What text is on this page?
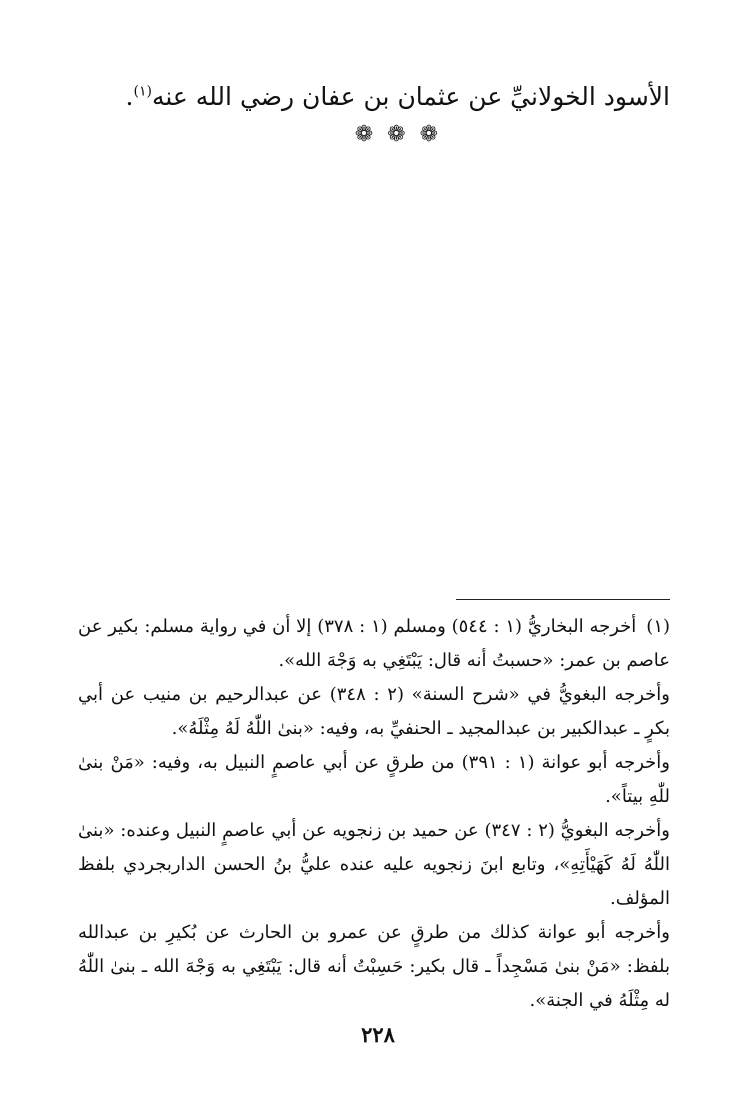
الأسود الخولانيِّ عن عثمان بن عفان رضي الله عنه$^{(١)}$.

❁ ❁ ❁

(١)أخرجه البخاريُّ (١ : ٥٤٤) ومسلم (١ : ٣٧٨) إلا أن في رواية مسلم: بكير عن عاصم بن عمر: «حسبتُ أنه قال: يَبْتَغِي به وَجْهَ الله».

وأخرجه البغويُّ في «شرح السنة» (٢ : ٣٤٨) عن عبدالرحيم بن منيب عن أبي بكرٍ ـ عبدالكبير بن عبدالمجيد ـ الحنفيِّ به، وفيه: «بنىٰ اللّٰهُ لَهُ مِثْلَهُ».

وأخرجه أبو عوانة (١ : ٣٩١) من طرقٍ عن أبي عاصمٍ النبيل به، وفيه: «مَنْ بنىٰ للّٰهِ بيتاً».

وأخرجه البغويُّ (٢ : ٣٤٧) عن حميد بن زنجويه عن أبي عاصمٍ النبيل وعنده: «بنىٰ اللّٰهُ لَهُ كَهَيْأَتِهِ»، وتابع ابنَ زنجويه عليه عنده عليُّ بنُ الحسن الداربجردي بلفظ المؤلف.

وأخرجه أبو عوانة كذلك من طرقٍ عن عمرو بن الحارث عن بُكيرِ بن عبدالله بلفظ: «مَنْ بنىٰ مَسْجِداً ـ قال بكير: حَسِبْتُ أنه قال: يَبْتَغِي به وَجْهَ الله ـ بنىٰ اللّٰهُ له مِثْلَهُ في الجنة».

٢٢٨
